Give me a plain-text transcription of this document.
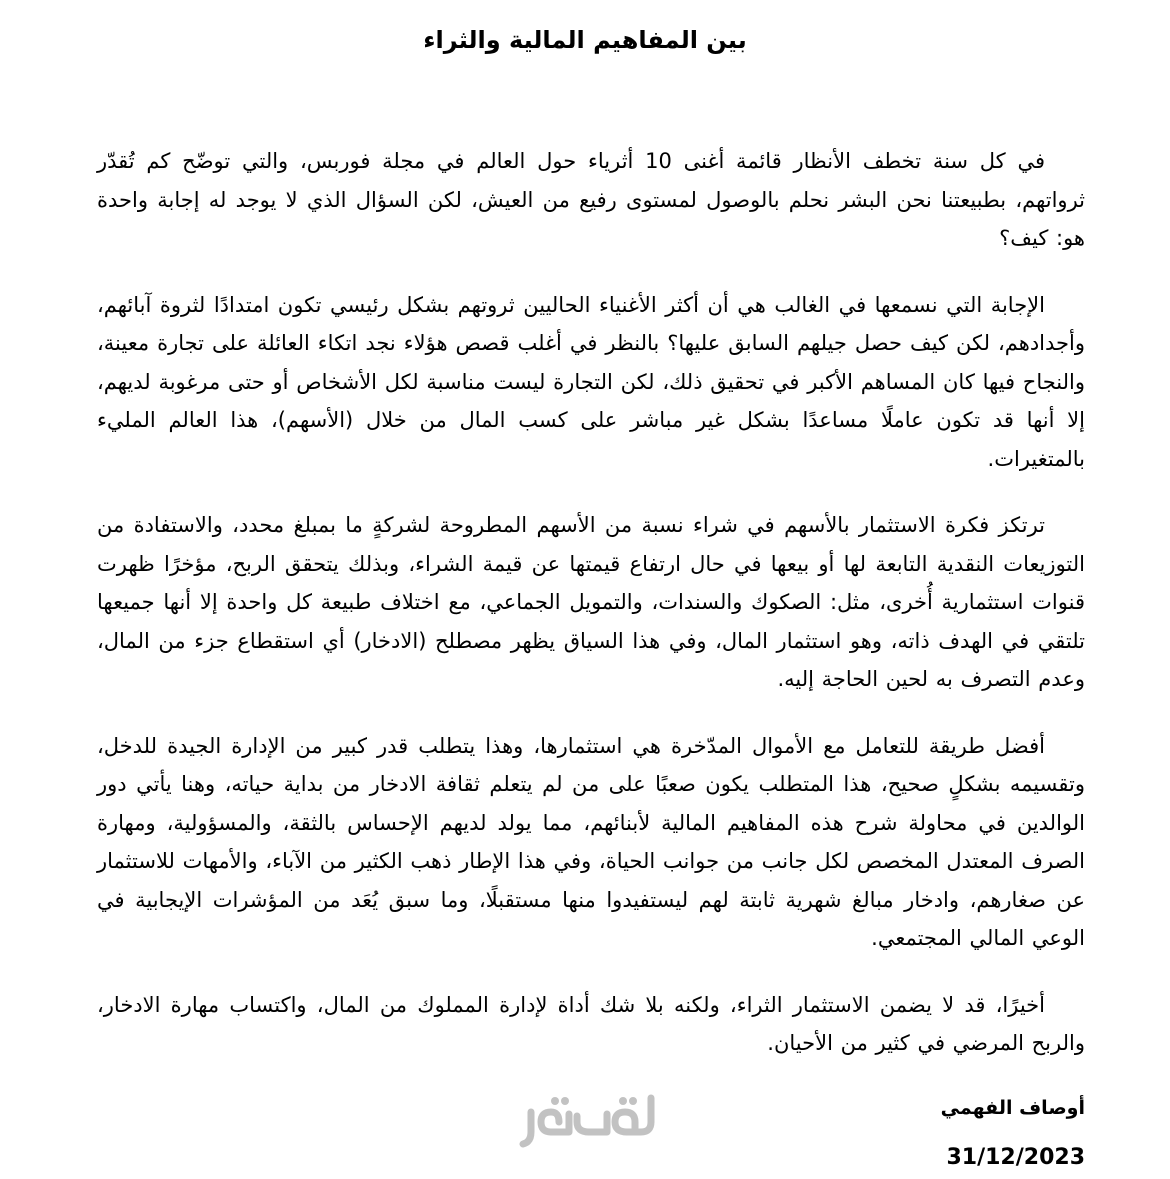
بين المفاهيم المالية والثراء

في كل سنة تخطف الأنظار قائمة أغنى 10 أثرياء حول العالم في مجلة فوربس، والتي توضّح كم تُقدّر ثرواتهم، بطبيعتنا نحن البشر نحلم بالوصول لمستوى رفيع من العيش، لكن السؤال الذي لا يوجد له إجابة واحدة هو: كيف؟

الإجابة التي نسمعها في الغالب هي أن أكثر الأغنياء الحاليين ثروتهم بشكل رئيسي تكون امتدادًا لثروة آبائهم، وأجدادهم، لكن كيف حصل جيلهم السابق عليها؟ بالنظر في أغلب قصص هؤلاء نجد اتكاء العائلة على تجارة معينة، والنجاح فيها كان المساهم الأكبر في تحقيق ذلك، لكن التجارة ليست مناسبة لكل الأشخاص أو حتى مرغوبة لديهم، إلا أنها قد تكون عاملًا مساعدًا بشكل غير مباشر على كسب المال من خلال (الأسهم)، هذا العالم المليء بالمتغيرات.

ترتكز فكرة الاستثمار بالأسهم في شراء نسبة من الأسهم المطروحة لشركةٍ ما بمبلغ محدد، والاستفادة من التوزيعات النقدية التابعة لها أو بيعها في حال ارتفاع قيمتها عن قيمة الشراء، وبذلك يتحقق الربح، مؤخرًا ظهرت قنوات استثمارية أُخرى، مثل: الصكوك والسندات، والتمويل الجماعي، مع اختلاف طبيعة كل واحدة إلا أنها جميعها تلتقي في الهدف ذاته، وهو استثمار المال، وفي هذا السياق يظهر مصطلح (الادخار) أي استقطاع جزء من المال، وعدم التصرف به لحين الحاجة إليه.

أفضل طريقة للتعامل مع الأموال المدّخرة هي استثمارها، وهذا يتطلب قدر كبير من الإدارة الجيدة للدخل، وتقسيمه بشكلٍ صحيح، هذا المتطلب يكون صعبًا على من لم يتعلم ثقافة الادخار من بداية حياته، وهنا يأتي دور الوالدين في محاولة شرح هذه المفاهيم المالية لأبنائهم، مما يولد لديهم الإحساس بالثقة، والمسؤولية، ومهارة الصرف المعتدل المخصص لكل جانب من جوانب الحياة، وفي هذا الإطار ذهب الكثير من الآباء، والأمهات للاستثمار عن صغارهم، وادخار مبالغ شهرية ثابتة لهم ليستفيدوا منها مستقبلًا، وما سبق يُعَد من المؤشرات الإيجابية في الوعي المالي المجتمعي.

أخيرًا، قد لا يضمن الاستثمار الثراء، ولكنه بلا شك أداة لإدارة المملوك من المال، واكتساب مهارة الادخار، والربح المرضي في كثير من الأحيان.

أوصاف الفهمي
31/12/2023
